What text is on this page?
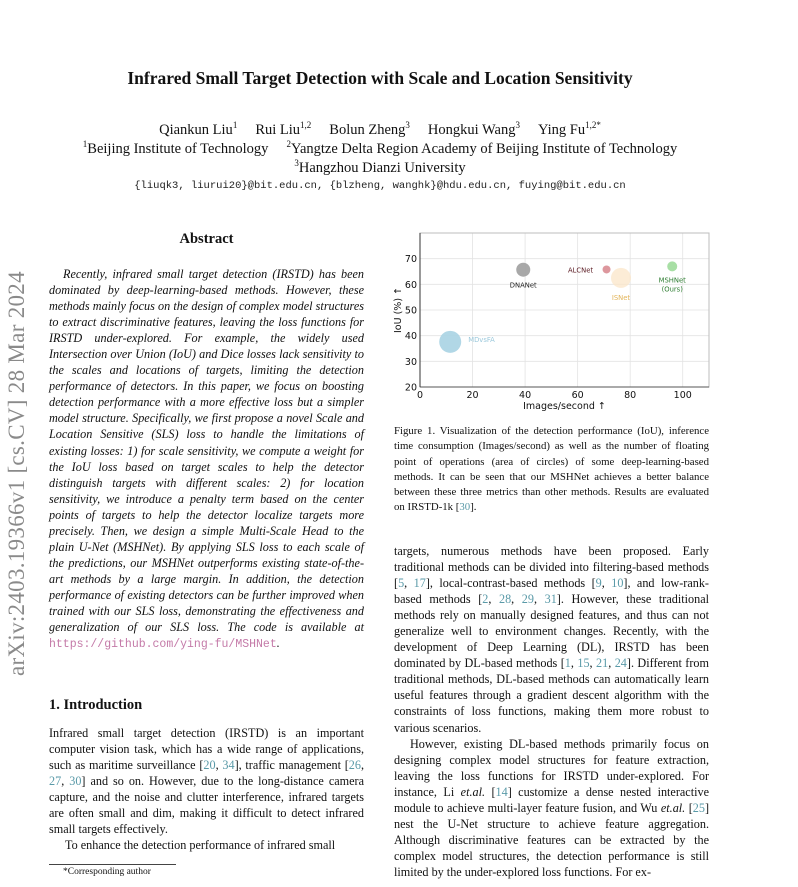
arXiv:2403.19366v1 [cs.CV] 28 Mar 2024
Infrared Small Target Detection with Scale and Location Sensitivity
Qiankun Liu$^1$ Rui Liu$^{1,2}$ Bolun Zheng$^3$ Hongkui Wang$^3$ Ying $Fu^{1,2*}$
$^1$Beijing Institute of Technology $^2$Yangtze Delta Region Academy of Beijing Institute of Technology
$^3$Hangzhou Dianzi University
{liuqk3, liurui20}@bit.edu.cn, {blzheng, wanghk}@hdu.edu.cn, fuying@bit.edu.cn
Abstract
Recently, infrared small target detection (IRSTD) has been dominated by deep-learning-based methods. However, these methods mainly focus on the design of complex model structures to extract discriminative features, leaving the loss functions for IRSTD under-explored. For example, the widely used Intersection over Union (IoU) and Dice losses lack sensitivity to the scales and locations of targets, limiting the detection performance of detectors. In this paper, we focus on boosting detection performance with a more effective loss but a simpler model structure. Specifically, we first propose a novel Scale and Location Sensitive (SLS) loss to handle the limitations of existing losses: 1) for scale sensitivity, we compute a weight for the IoU loss based on target scales to help the detector distinguish targets with different scales: 2) for location sensitivity, we introduce a penalty term based on the center points of targets to help the detector localize targets more precisely. Then, we design a simple Multi-Scale Head to the plain U-Net (MSHNet). By applying SLS loss to each scale of the predictions, our MSHNet outperforms existing state-of-the-art methods by a large margin. In addition, the detection performance of existing detectors can be further improved when trained with our SLS loss, demonstrating the effectiveness and generalization of our SLS loss. The code is available at https://github.com/ying-fu/MSHNet.
1. Introduction
Infrared small target detection (IRSTD) is an important computer vision task, which has a wide range of applications, such as maritime surveillance [20, 34], traffic management [26, 27, 30] and so on. However, due to the long-distance camera capture, and the noise and clutter interference, infrared targets are often small and dim, making it difficult to detect infrared small targets effectively.
To enhance the detection performance of infrared small
*Corresponding author
0	20	40	60	80	100
20
30
40
50
60
70
Images/second ↑
IoU (%) ↑
MDvsFA
DNANet
ALCNet
ISNet
MSHNet
(Ours)
Figure 1. Visualization of the detection performance (IoU), inference time consumption (Images/second) as well as the number of floating point of operations (area of circles) of some deep-learning-based methods. It can be seen that our MSHNet achieves a better balance between these three metrics than other methods. Results are evaluated on IRSTD-1k [30].

targets, numerous methods have been proposed. Early traditional methods can be divided into filtering-based methods [5, 17], local-contrast-based methods [9, 10], and low-rank-based methods [2, 28, 29, 31]. However, these traditional methods rely on manually designed features, and thus can not generalize well to environment changes. Recently, with the development of Deep Learning (DL), IRSTD has been dominated by DL-based methods [1, 15, 21, 24]. Different from traditional methods, DL-based methods can automatically learn useful features through a gradient descent algorithm with the constraints of loss functions, making them more robust to various scenarios.

However, existing DL-based methods primarily focus on designing complex model structures for feature extraction, leaving the loss functions for IRSTD under-explored. For instance, Li et.al. [14] customize a dense nested interactive module to achieve multi-layer feature fusion, and Wu et.al. [25] nest the U-Net structure to achieve feature aggregation. Although discriminative features can be extracted by the complex model structures, the detection performance is still limited by the under-explored loss functions. For ex-
